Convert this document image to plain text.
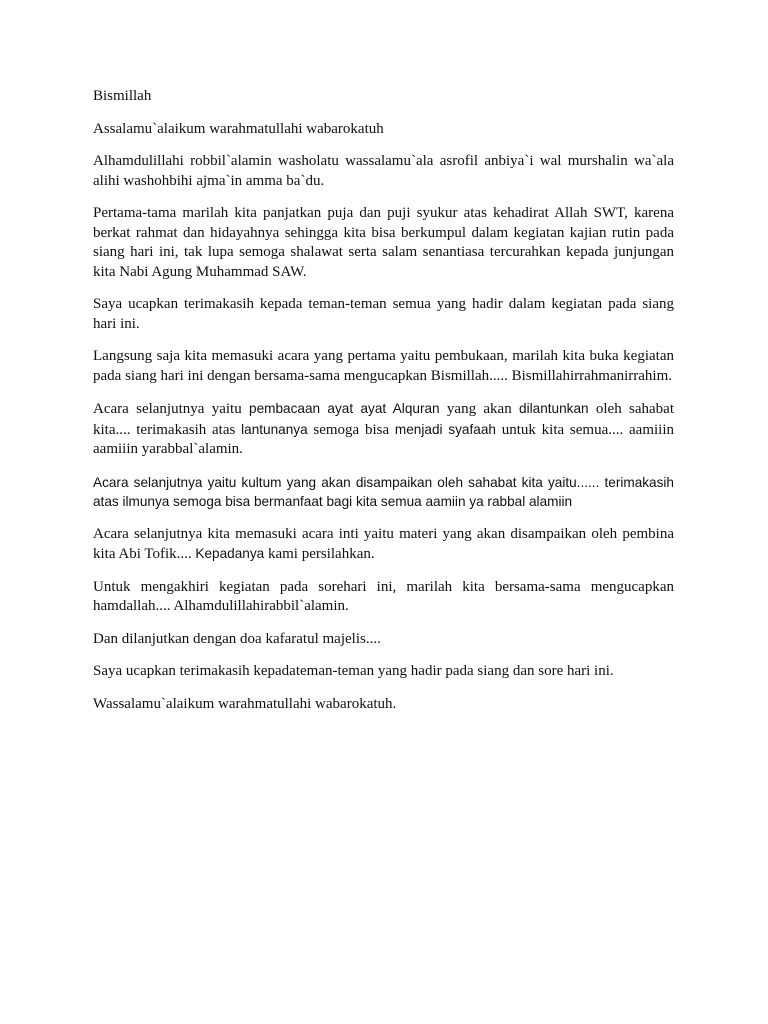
Bismillah

Assalamu`alaikum warahmatullahi wabarokatuh

Alhamdulillahi robbil`alamin washolatu wassalamu`ala asrofil anbiya`i wal murshalin wa`ala alihi washohbihi ajma`in amma ba`du.

Pertama-tama marilah kita panjatkan puja dan puji syukur atas kehadirat Allah SWT, karena berkat rahmat dan hidayahnya sehingga kita bisa berkumpul dalam kegiatan kajian rutin pada siang hari ini, tak lupa semoga shalawat serta salam senantiasa tercurahkan kepada junjungan kita Nabi Agung Muhammad SAW.

Saya ucapkan terimakasih kepada teman-teman semua yang hadir dalam kegiatan pada siang hari ini.

Langsung saja kita memasuki acara yang pertama yaitu pembukaan, marilah kita buka kegiatan pada siang hari ini dengan bersama-sama mengucapkan Bismillah..... Bismillahirrahmanirrahim.

Acara selanjutnya yaitu pembacaan ayat ayat Alquran yang akan dilantunkan oleh sahabat kita.... terimakasih atas lantunanya semoga bisa menjadi syafaah untuk kita semua.... aamiiin aamiiin yarabbal`alamin.

Acara selanjutnya yaitu kultum yang akan disampaikan oleh sahabat kita yaitu...... terimakasih atas ilmunya semoga bisa bermanfaat bagi kita semua aamiin ya rabbal alamiin

Acara selanjutnya kita memasuki acara inti yaitu materi yang akan disampaikan oleh pembina kita Abi Tofik.... Kepadanya kami persilahkan.

Untuk mengakhiri kegiatan pada sorehari ini, marilah kita bersama-sama mengucapkan hamdallah.... Alhamdulillahirabbil`alamin.

Dan dilanjutkan dengan doa kafaratul majelis....

Saya ucapkan terimakasih kepadateman-teman yang hadir pada siang dan sore hari ini.

Wassalamu`alaikum warahmatullahi wabarokatuh.
